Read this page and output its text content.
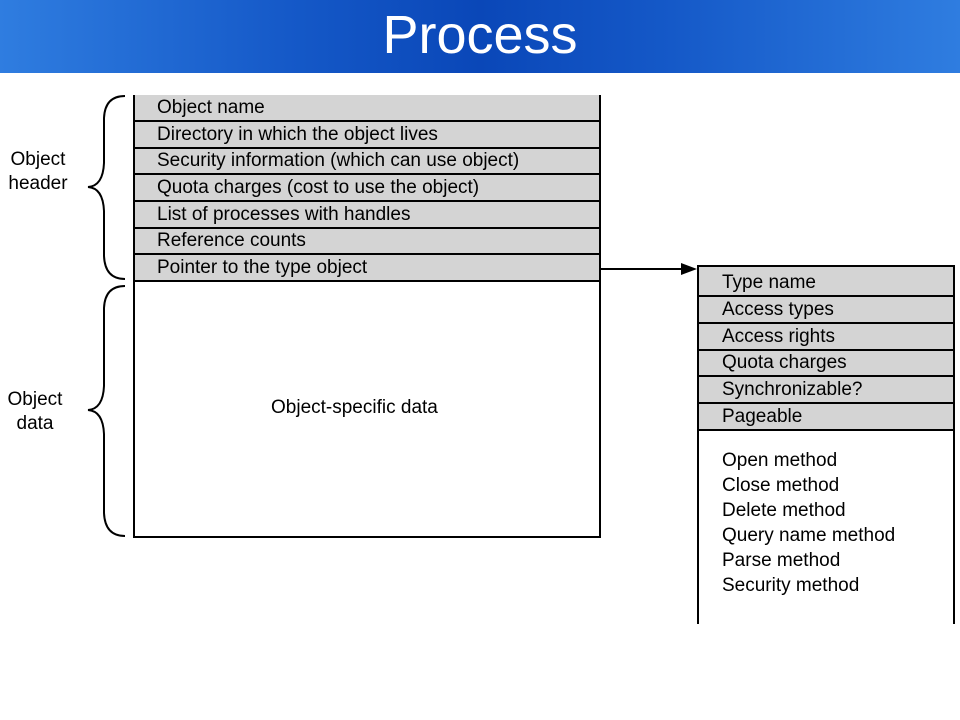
Process
Object
header
Object
data
Object name
Directory in which the object lives
Security information (which can use object)
Quota charges (cost to use the object)
List of processes with handles
Reference counts
Pointer to the type object
Object-specific data
Type name
Access types
Access rights
Quota charges
Synchronizable?
Pageable
Open method
Close method
Delete method
Query name method
Parse method
Security method
